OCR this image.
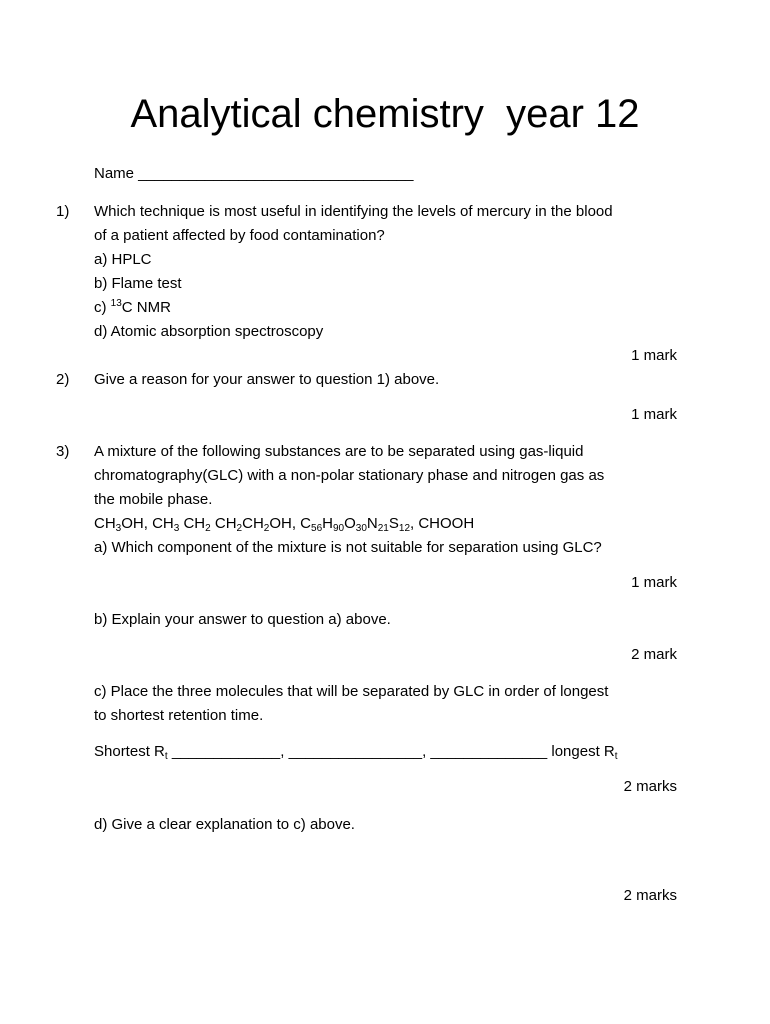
Analytical chemistry  year 12
Name _________________________________
1) Which technique is most useful in identifying the levels of mercury in the blood
of a patient affected by food contamination?
a) HPLC
b) Flame test
c) $^{13}$C NMR
d) Atomic absorption spectroscopy
1 mark
2) Give a reason for your answer to question 1) above.
1 mark
3) A mixture of the following substances are to be separated using gas-liquid
chromatography(GLC) with a non-polar stationary phase and nitrogen gas as
the mobile phase.
$CH_3OH$, $CH_3$ $CH_2$ $CH_2CH_2OH$, $C_{56}H_{90}O_{30}N_{21}S_{12}$, CHOOH
a) Which component of the mixture is not suitable for separation using GLC?
1 mark
b) Explain your answer to question a) above.
2 mark
c) Place the three molecules that will be separated by GLC in order of longest
to shortest retention time.
Shortest $R_t$ _____________, ________________, ______________ longest $R_t$
2 marks
d) Give a clear explanation to c) above.
2 marks
